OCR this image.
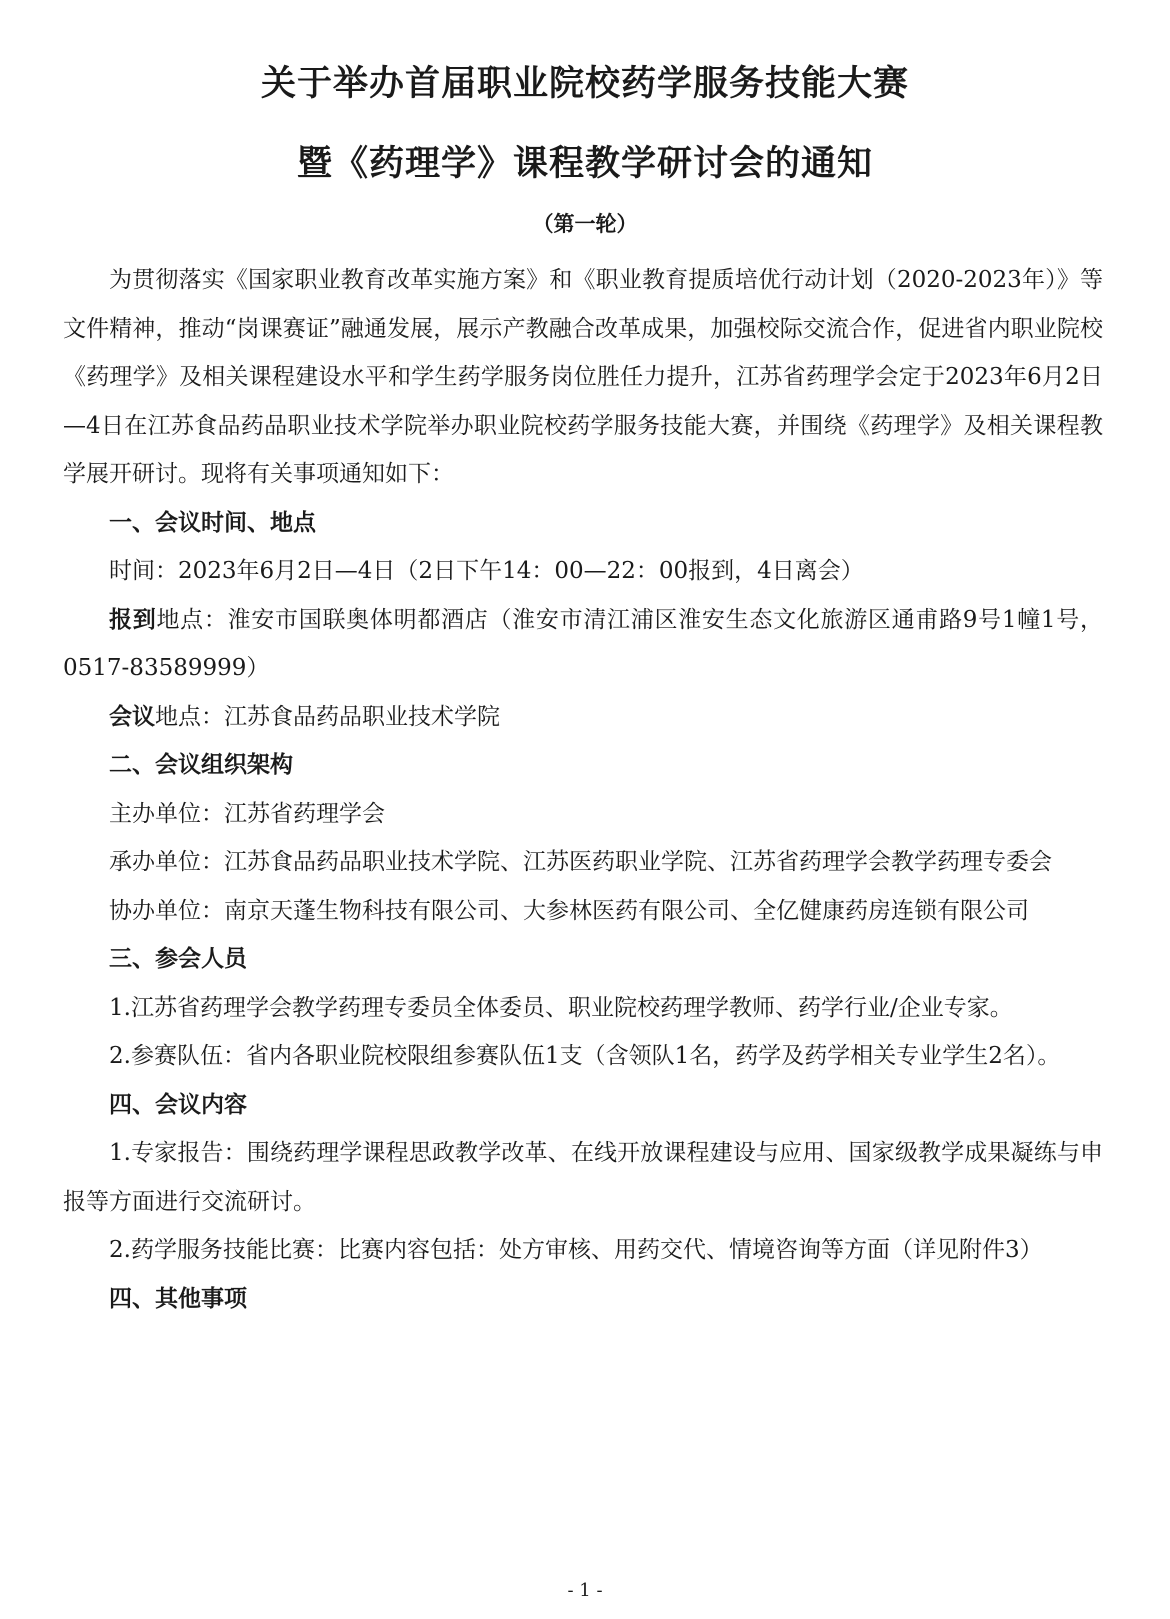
关于举办首届职业院校药学服务技能大赛
暨《药理学》课程教学研讨会的通知
（第一轮）

为贯彻落实《国家职业教育改革实施方案》和《职业教育提质培优行动计划（2020-2023年）》等文件精神，推动“岗课赛证”融通发展，展示产教融合改革成果，加强校际交流合作，促进省内职业院校《药理学》及相关课程建设水平和学生药学服务岗位胜任力提升，江苏省药理学会定于2023年6月2日—4日在江苏食品药品职业技术学院举办职业院校药学服务技能大赛，并围绕《药理学》及相关课程教学展开研讨。现将有关事项通知如下：

一、会议时间、地点

时间：2023年6月2日—4日（2日下午14：00—22：00报到，4日离会）

报到地点：淮安市国联奥体明都酒店（淮安市清江浦区淮安生态文化旅游区通甫路9号1幢1号，0517-83589999）

会议地点：江苏食品药品职业技术学院

二、会议组织架构

主办单位：江苏省药理学会

承办单位：江苏食品药品职业技术学院、江苏医药职业学院、江苏省药理学会教学药理专委会

协办单位：南京天蓬生物科技有限公司、大参林医药有限公司、全亿健康药房连锁有限公司

三、参会人员

1.江苏省药理学会教学药理专委员全体委员、职业院校药理学教师、药学行业/企业专家。

2.参赛队伍：省内各职业院校限组参赛队伍1支（含领队1名，药学及药学相关专业学生2名）。

四、会议内容

1.专家报告：围绕药理学课程思政教学改革、在线开放课程建设与应用、国家级教学成果凝练与申报等方面进行交流研讨。

2.药学服务技能比赛：比赛内容包括：处方审核、用药交代、情境咨询等方面（详见附件3）

四、其他事项

- 1 -
